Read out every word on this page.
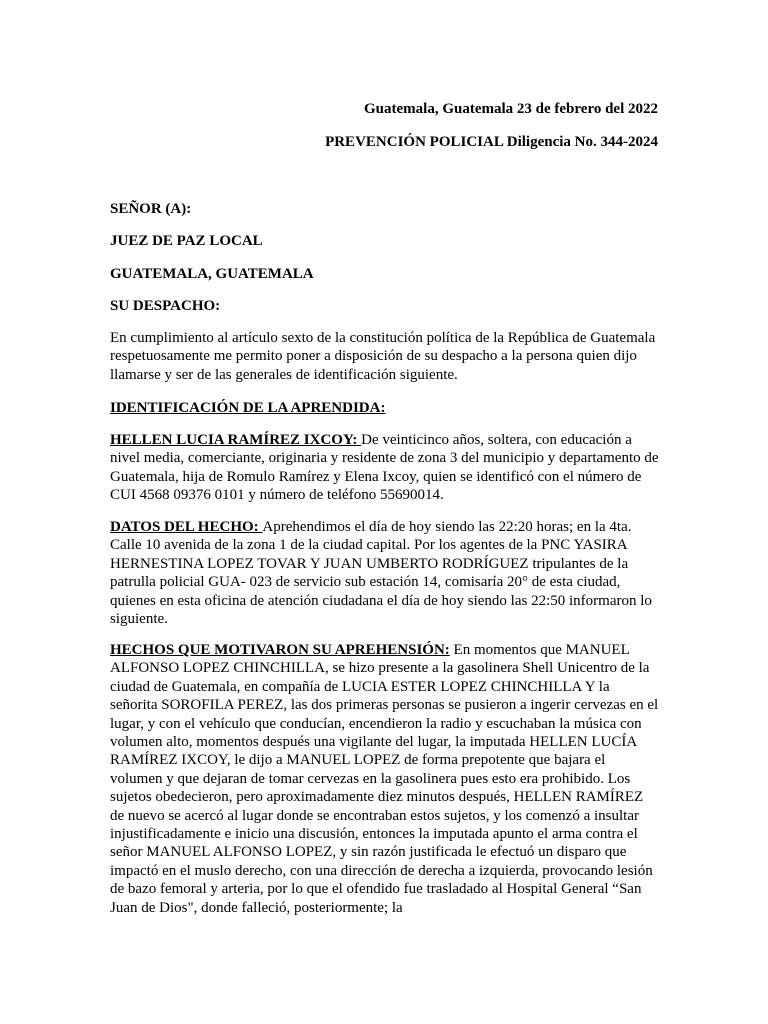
Guatemala, Guatemala 23 de febrero del 2022
PREVENCIÓN POLICIAL Diligencia No. 344-2024
SEÑOR (A):
JUEZ DE PAZ LOCAL
GUATEMALA, GUATEMALA
SU DESPACHO:

En cumplimiento al artículo sexto de la constitución política de la República de Guatemala respetuosamente me permito poner a disposición de su despacho a la persona quien dijo llamarse y ser de las generales de identificación siguiente.

IDENTIFICACIÓN DE LA APRENDIDA:

HELLEN LUCIA RAMÍREZ IXCOY: De veinticinco años, soltera, con educación a nivel media, comerciante, originaria y residente de zona 3 del municipio y departamento de Guatemala, hija de Romulo Ramírez y Elena Ixcoy, quien se identificó con el número de CUI 4568 09376 0101 y número de teléfono 55690014.

DATOS DEL HECHO: Aprehendimos el día de hoy siendo las 22:20 horas; en la 4ta. Calle 10 avenida de la zona 1 de la ciudad capital. Por los agentes de la PNC YASIRA HERNESTINA LOPEZ TOVAR Y JUAN UMBERTO RODRÍGUEZ tripulantes de la patrulla policial GUA- 023 de servicio sub estación 14, comisaría 20° de esta ciudad, quienes en esta oficina de atención ciudadana el día de hoy siendo las 22:50 informaron lo siguiente.

HECHOS QUE MOTIVARON SU APREHENSIÓN: En momentos que MANUEL ALFONSO LOPEZ CHINCHILLA, se hizo presente a la gasolinera Shell Unicentro de la ciudad de Guatemala, en compañía de LUCIA ESTER LOPEZ CHINCHILLA Y la señorita SOROFILA PEREZ, las dos primeras personas se pusieron a ingerir cervezas en el lugar, y con el vehículo que conducían, encendieron la radio y escuchaban la música con volumen alto, momentos después una vigilante del lugar, la imputada HELLEN LUCÍA RAMÍREZ IXCOY, le dijo a MANUEL LOPEZ de forma prepotente que bajara el volumen y que dejaran de tomar cervezas en la gasolinera pues esto era prohibido. Los sujetos obedecieron, pero aproximadamente diez minutos después, HELLEN RAMÍREZ de nuevo se acercó al lugar donde se encontraban estos sujetos, y los comenzó a insultar injustificadamente e inicio una discusión, entonces la imputada apunto el arma contra el señor MANUEL ALFONSO LOPEZ, y sin razón justificada le efectuó un disparo que impactó en el muslo derecho, con una dirección de derecha a izquierda, provocando lesión de bazo femoral y arteria, por lo que el ofendido fue trasladado al Hospital General “San Juan de Dios", donde falleció, posteriormente; la
